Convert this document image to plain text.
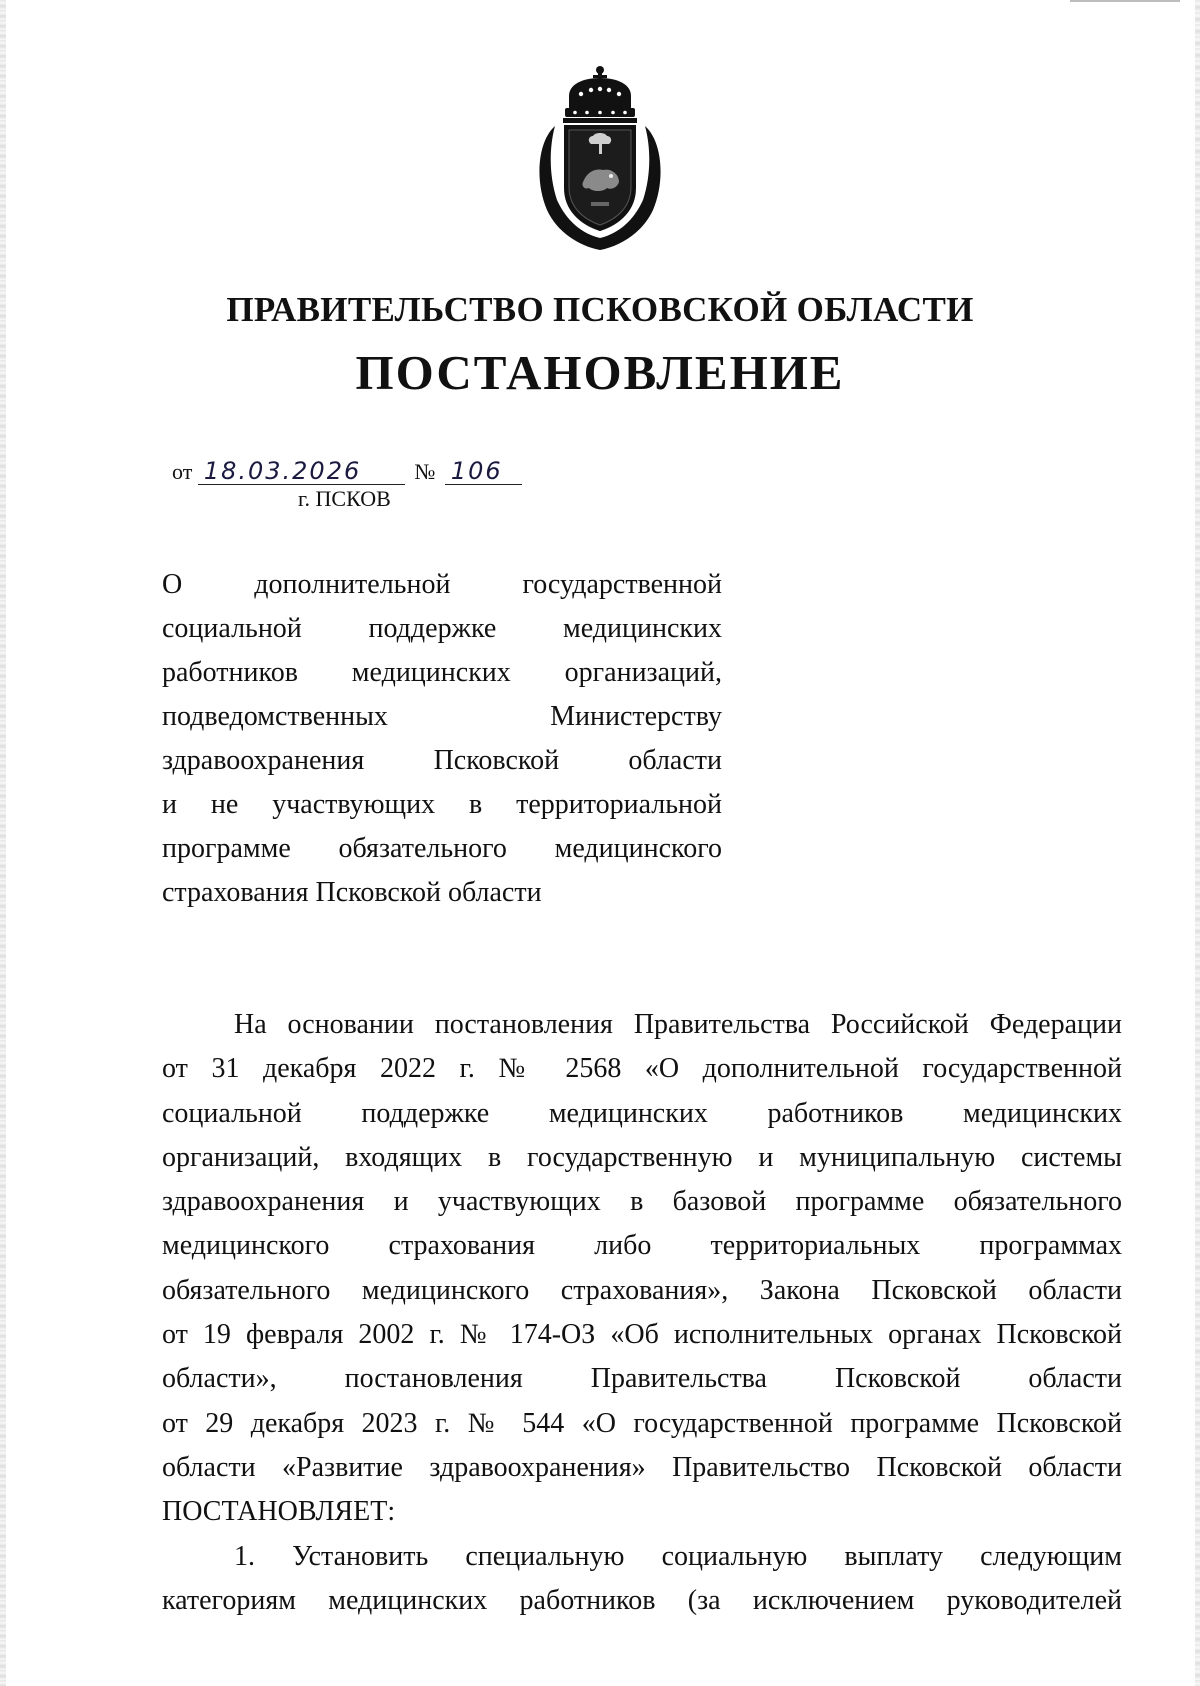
ПРАВИТЕЛЬСТВО ПСКОВСКОЙ ОБЛАСТИ
ПОСТАНОВЛЕНИЕ
от 18.03.2026 № 106
г. ПСКОВ
О дополнительной государственной
социальной поддержке медицинских
работников медицинских организаций,
подведомственных Министерству
здравоохранения Псковской области
и не участвующих в территориальной
программе обязательного медицинского
страхования Псковской области
На основании постановления Правительства Российской Федерации
от 31 декабря 2022 г. № 2568 «О дополнительной государственной
социальной поддержке медицинских работников медицинских
организаций, входящих в государственную и муниципальную системы
здравоохранения и участвующих в базовой программе обязательного
медицинского страхования либо территориальных программах
обязательного медицинского страхования», Закона Псковской области
от 19 февраля 2002 г. № 174-ОЗ «Об исполнительных органах Псковской
области», постановления Правительства Псковской области
от 29 декабря 2023 г. № 544 «О государственной программе Псковской
области «Развитие здравоохранения» Правительство Псковской области
ПОСТАНОВЛЯЕТ:
1. Установить специальную социальную выплату следующим
категориям медицинских работников (за исключением руководителей
